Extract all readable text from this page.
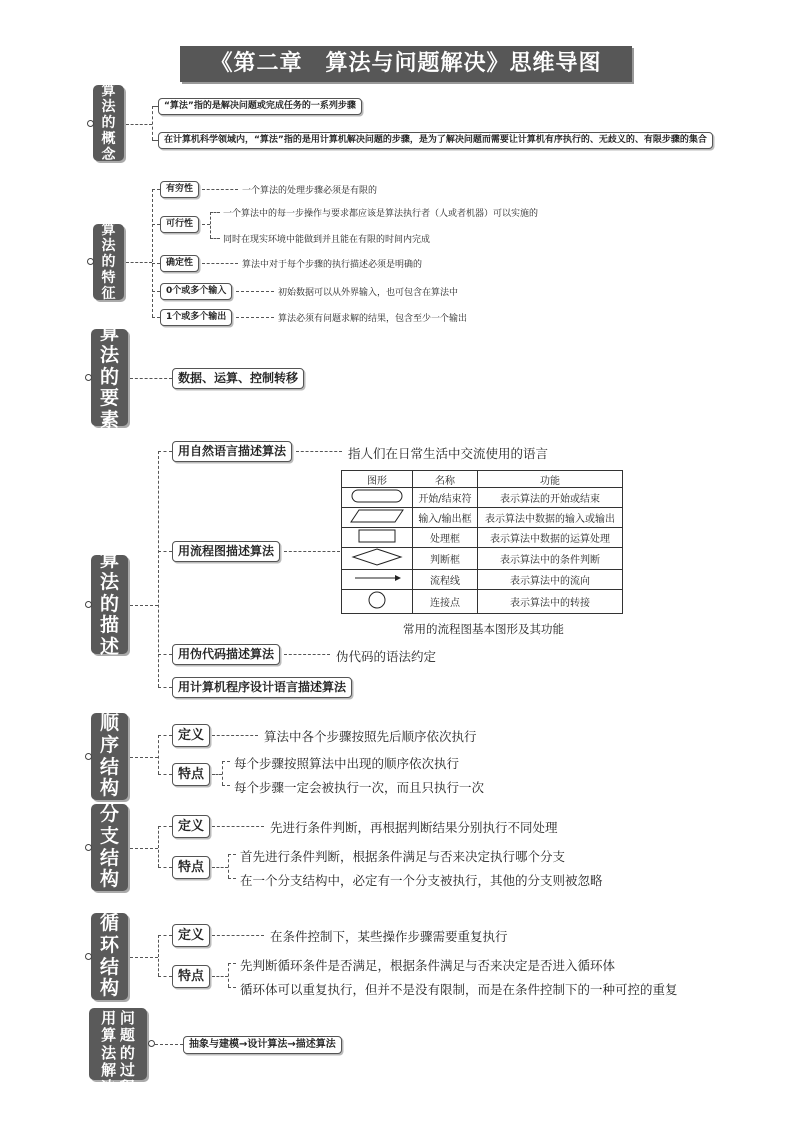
《第二章　算法与问题解决》思维导图
算法的概念
“算法”指的是解决问题或完成任务的一系列步骤
在计算机科学领域内，“算法”指的是用计算机解决问题的步骤，是为了解决问题而需要让计算机有序执行的、无歧义的、有限步骤的集合
算法的特征
有穷性	一个算法的处理步骤必须是有限的
可行性
一个算法中的每一步操作与要求都应该是算法执行者（人或者机器）可以实施的
同时在现实环境中能做到并且能在有限的时间内完成
确定性	算法中对于每个步骤的执行描述必须是明确的
0个或多个输入	初始数据可以从外界输入，也可包含在算法中
1个或多个输出	算法必须有问题求解的结果，包含至少一个输出
算法的要素
数据、运算、控制转移
算法的描述
用自然语言描述算法	指人们在日常生活中交流使用的语言
用流程图描述算法
图形	名称	功能
	开始/结束符	表示算法的开始或结束
	输入/输出框	表示算法中数据的输入或输出
	处理框	表示算法中数据的运算处理
	判断框	表示算法中的条件判断
	流程线	表示算法中的流向
	连接点	表示算法中的转接
常用的流程图基本图形及其功能
用伪代码描述算法	伪代码的语法约定
用计算机程序设计语言描述算法
顺序结构
定义	算法中各个步骤按照先后顺序依次执行
特点
每个步骤按照算法中出现的顺序依次执行
每个步骤一定会被执行一次，而且只执行一次
分支结构
定义	先进行条件判断，再根据判断结果分别执行不同处理
特点
首先进行条件判断，根据条件满足与否来决定执行哪个分支
在一个分支结构中，必定有一个分支被执行，其他的分支则被忽略
循环结构
定义	在条件控制下，某些操作步骤需要重复执行
特点
先判断循环条件是否满足，根据条件满足与否来决定是否进入循环体
循环体可以重复执行，但并不是没有限制，而是在条件控制下的一种可控的重复
用算法解决
问题的过程
抽象与建模→设计算法→描述算法
